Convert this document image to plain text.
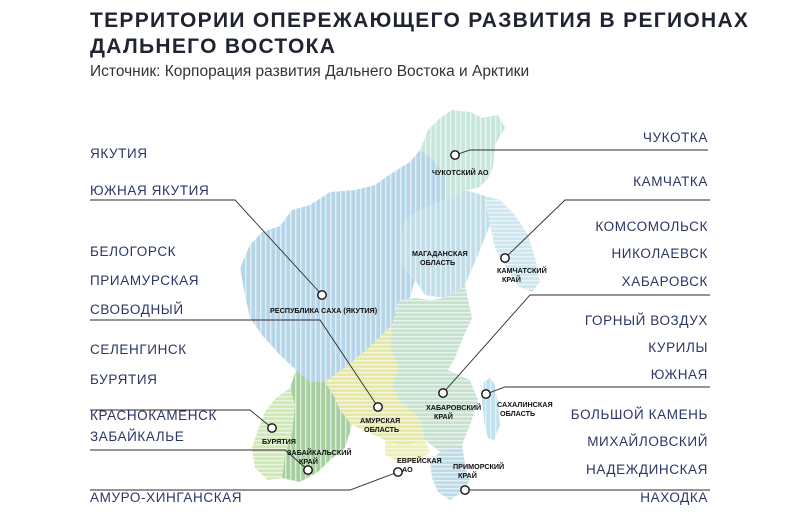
ТЕРРИТОРИИ ОПЕРЕЖАЮЩЕГО РАЗВИТИЯ В РЕГИОНАХ
ДАЛЬНЕГО ВОСТОКА
Источник: Корпорация развития Дальнего Востока и Арктики
ЧУКОТСКИЙ АО
МАГАДАНСКАЯ
ОБЛАСТЬ
КАМЧАТСКИЙ
КРАЙ
РЕСПУБЛИКА САХА (ЯКУТИЯ)
АМУРСКАЯ
ОБЛАСТЬ
ХАБАРОВСКИЙ
КРАЙ
САХАЛИНСКАЯ
ОБЛАСТЬ
БУРЯТИЯ
ЗАБАЙКАЛЬСКИЙ
КРАЙ	ЕВРЕЙСКАЯ
АО	ПРИМОРСКИЙ
КРАЙ
ЯКУТИЯ
ЮЖНАЯ ЯКУТИЯ
БЕЛОГОРСК
ПРИАМУРСКАЯ
СВОБОДНЫЙ
СЕЛЕНГИНСК
БУРЯТИЯ
КРАСНОКАМЕНСК
ЗАБАЙКАЛЬЕ
АМУРО-ХИНГАНСКАЯ
ЧУКОТКА
КАМЧАТКА
КОМСОМОЛЬСК
НИКОЛАЕВСК
ХАБАРОВСК
ГОРНЫЙ ВОЗДУХ
КУРИЛЫ
ЮЖНАЯ
БОЛЬШОЙ КАМЕНЬ
МИХАЙЛОВСКИЙ
НАДЕЖДИНСКАЯ
НАХОДКА
